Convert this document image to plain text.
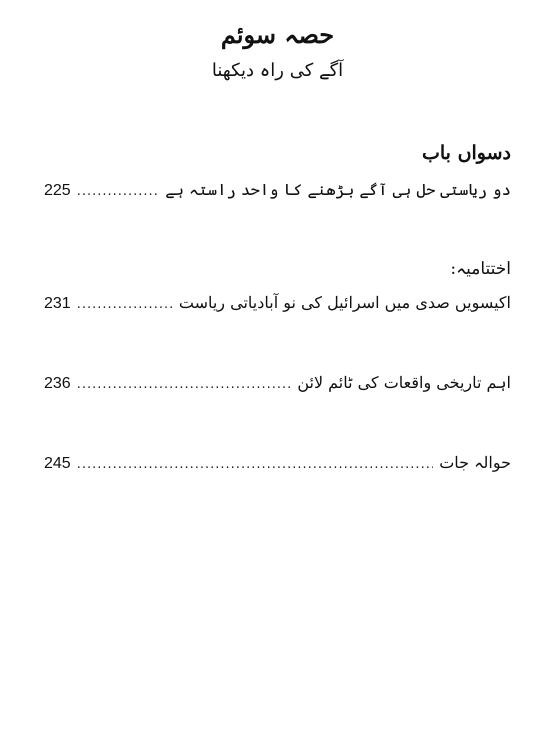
حصہ سوئم
آگے کی راہ دیکھنا
دسواں باب
دو ریاستی حل ہی آگے بڑھنے کا واحد راستہ ہے
.....
225
اختتامیہ:
اکیسویں صدی میں اسرائیل کی نو آبادیاتی ریاست
.....
231
اہم تاریخی واقعات کی ٹائم لائن
.....
236
حوالہ جات
.....
245
